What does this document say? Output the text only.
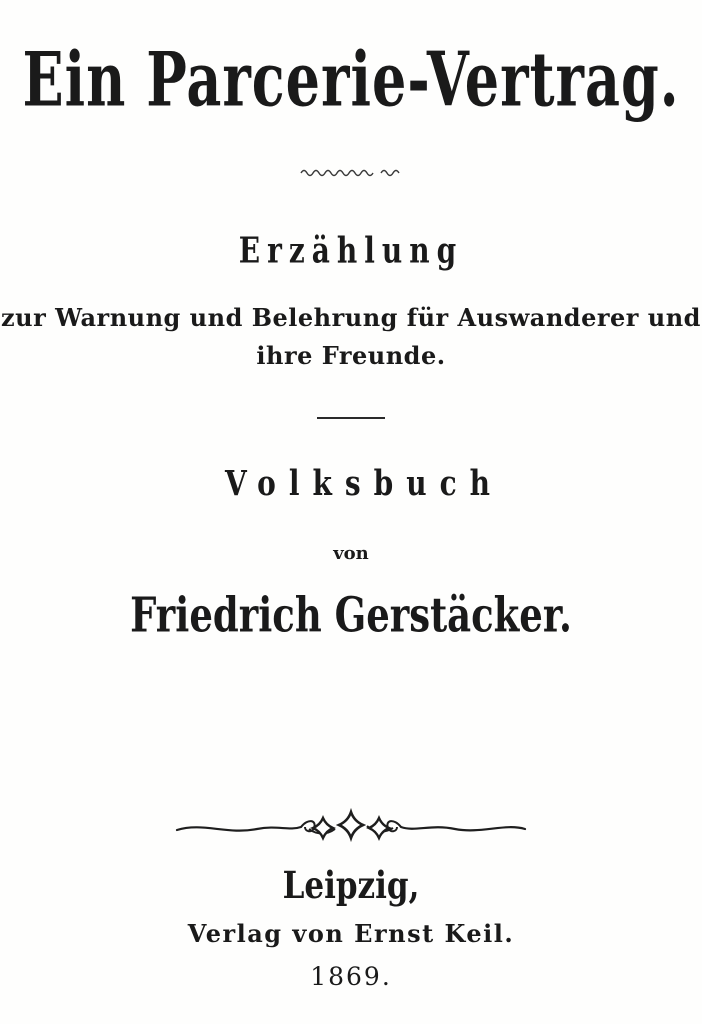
Ein Parcerie-Vertrag.
Erzählung
zur Warnung und Belehrung für Auswanderer und
ihre Freunde.
Volksbuch
von
Friedrich Gerstäcker.
Leipzig,
Verlag von Ernst Keil.
1869.
